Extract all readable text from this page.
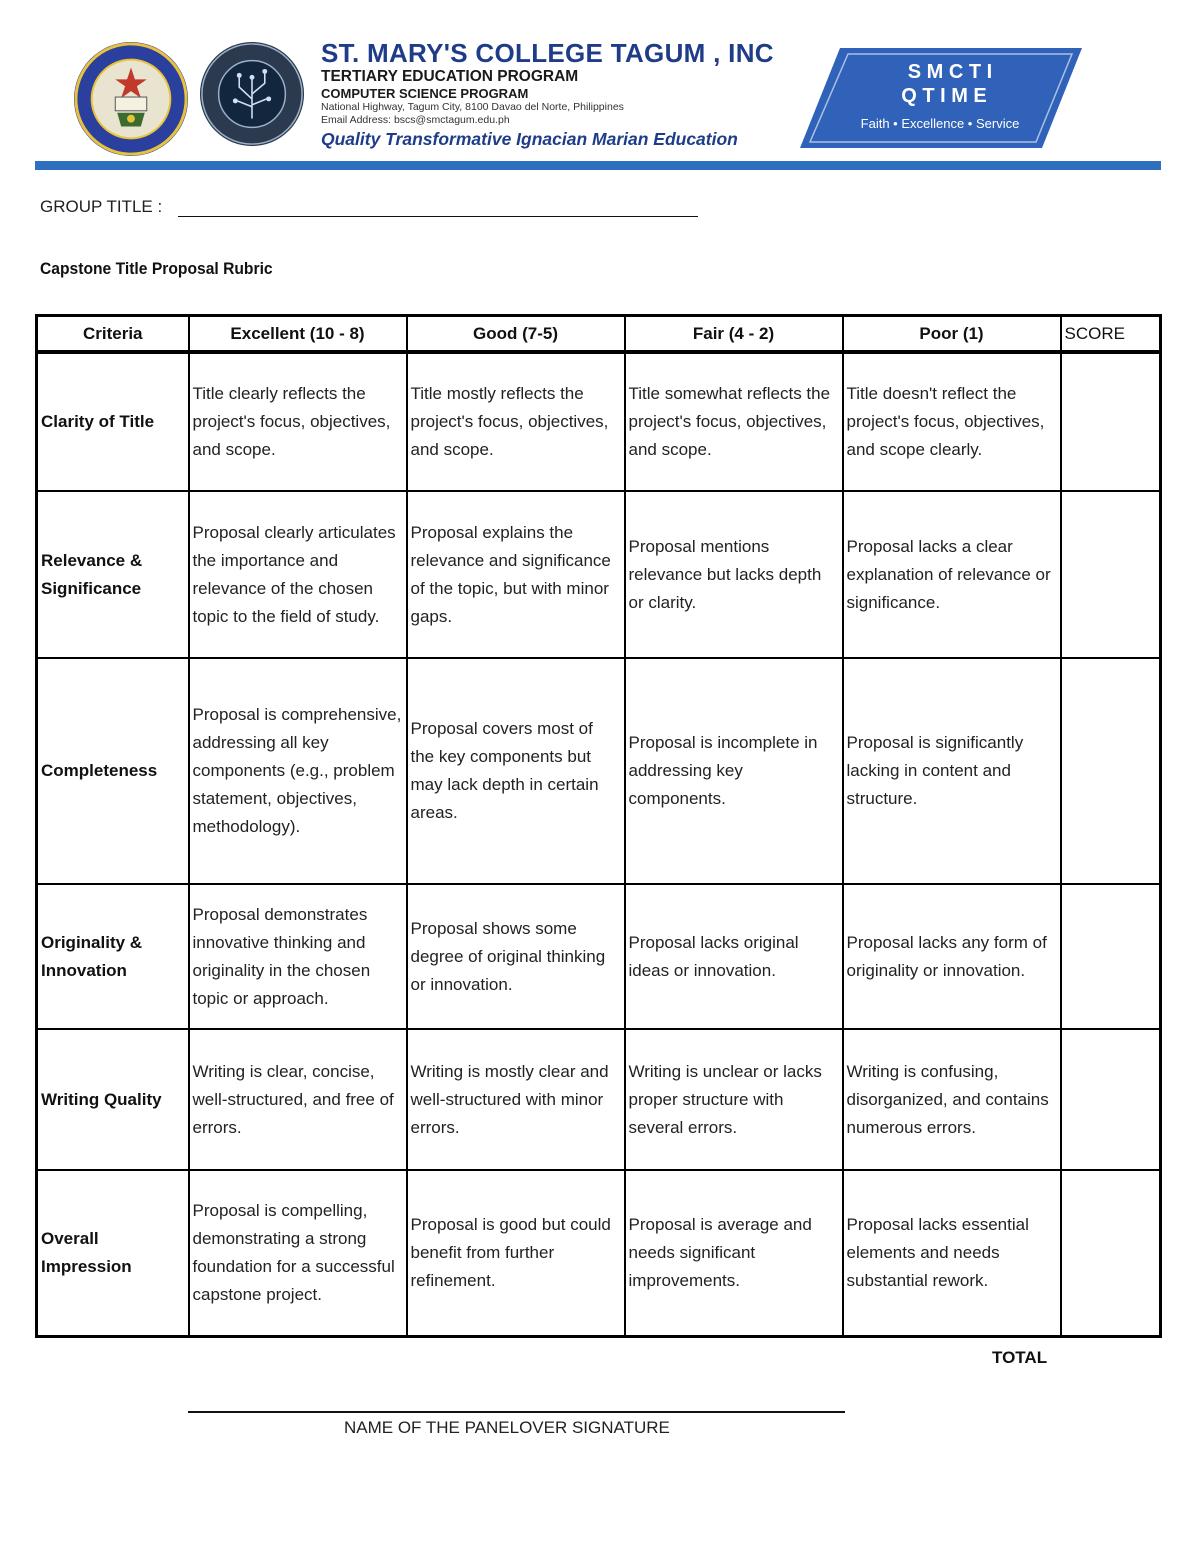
ST. MARY'S COLLEGE TAGUM , INC
TERTIARY EDUCATION PROGRAM
COMPUTER SCIENCE PROGRAM
National Highway, Tagum City, 8100 Davao del Norte, Philippines
Email Address: bscs@smctagum.edu.ph
Quality Transformative Ignacian Marian Education
S M C T I
Q T I M E
Faith • Excellence • Service
GROUP TITLE :
Capstone Title Proposal Rubric
Criteria	Excellent (10 - 8)	Good (7-5)	Fair (4 - 2)	Poor (1)	SCORE
Clarity of Title	Title clearly reflects the project's focus, objectives, and scope.	Title mostly reflects the project's focus, objectives, and scope.	Title somewhat reflects the project's focus, objectives, and scope.	Title doesn't reflect the project's focus, objectives, and scope clearly.	
Relevance & Significance	Proposal clearly articulates the importance and relevance of the chosen topic to the field of study.	Proposal explains the relevance and significance of the topic, but with minor gaps.	Proposal mentions relevance but lacks depth or clarity.	Proposal lacks a clear explanation of relevance or significance.	
Completeness	Proposal is comprehensive, addressing all key components (e.g., problem statement, objectives, methodology).	Proposal covers most of the key components but may lack depth in certain areas.	Proposal is incomplete in addressing key components.	Proposal is significantly lacking in content and structure.	
Originality & Innovation	Proposal demonstrates innovative thinking and originality in the chosen topic or approach.	Proposal shows some degree of original thinking or innovation.	Proposal lacks original ideas or innovation.	Proposal lacks any form of originality or innovation.	
Writing Quality	Writing is clear, concise, well-structured, and free of errors.	Writing is mostly clear and well-structured with minor errors.	Writing is unclear or lacks proper structure with several errors.	Writing is confusing, disorganized, and contains numerous errors.	
Overall Impression	Proposal is compelling, demonstrating a strong foundation for a successful capstone project.	Proposal is good but could benefit from further refinement.	Proposal is average and needs significant improvements.	Proposal lacks essential elements and needs substantial rework.	
TOTAL
NAME OF THE PANELOVER SIGNATURE
